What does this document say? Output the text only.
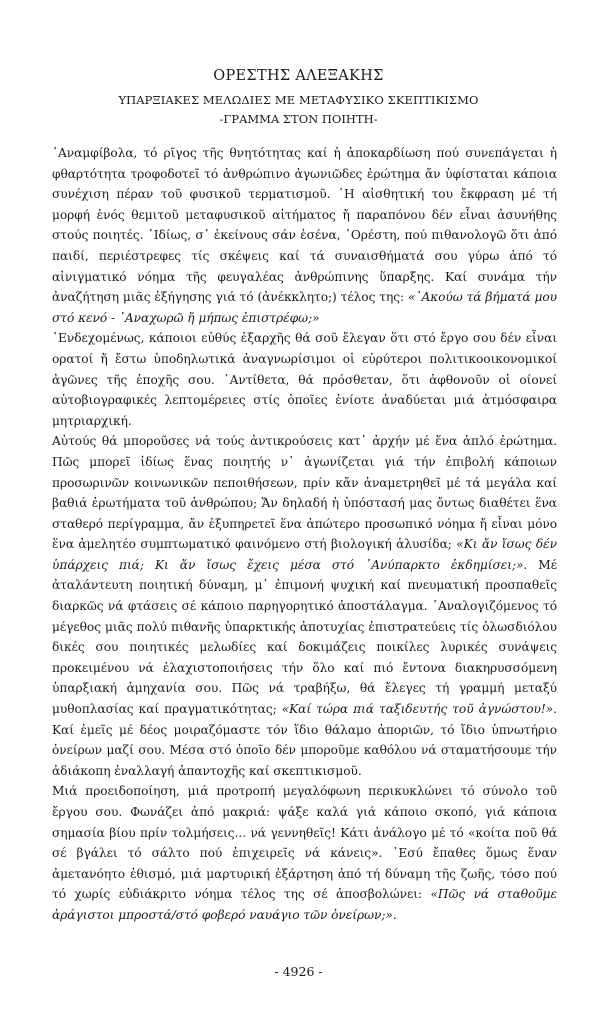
ΟΡΕΣΤΗΣ ΑΛΕΞΑΚΗΣ
ΥΠΑΡΞΙΑΚΕΣ ΜΕΛΩΔΙΕΣ ΜΕ ΜΕΤΑΦΥΣΙΚΟ ΣΚΕΠΤΙΚΙΣΜΟ
-ΓΡΑΜΜΑ ΣΤΟΝ ΠΟΙΗΤΗ-

᾿Αναμφίβολα, τό ρῖγος τῆς θνητότητας καί ἡ ἀποκαρδίωση πού συνεπάγεται ἡ φθαρτότητα τροφοδοτεῖ τό ἀνθρώπινο ἀγωνιῶδες ἐρώτημα ἄν ὑφίσταται κάποια συνέχιση πέραν τοῦ φυσικοῦ τερματισμοῦ. ᾿Η αἰσθητική του ἔκφραση μέ τή μορφή ἑνός θεμιτοῦ μεταφυσικοῦ αἰτήματος ἤ παραπόνου δέν εἶναι ἀσυνήθης στούς ποιητές. ᾿Ιδίως, σ᾿ ἐκείνους σάν ἐσένα, ᾿Ορέστη, πού πιθανολογῶ ὅτι ἀπό παιδί, περιέστρεφες τίς σκέψεις καί τά συναισθήματά σου γύρω ἀπό τό αἰνιγματικό νόημα τῆς φευγαλέας ἀνθρώπινης ὕπαρξης. Καί συνάμα τήν ἀναζήτηση μιᾶς ἐξήγησης γιά τό (ἀνέκκλητο;) τέλος της: «᾿Ακούω τά βήματά μου στό κενό - ᾿Αναχωρῶ ἤ μήπως ἐπιστρέφω;»

᾿Ενδεχομένως, κάποιοι εὐθύς ἐξαρχῆς θά σοῦ ἔλεγαν ὅτι στό ἔργο σου δέν εἶναι ορατοί ἤ ἔστω ὑποδηλωτικά ἀναγνωρίσιμοι οἱ εὐρύτεροι πολιτικοοικονομικοί ἀγῶνες τῆς ἐποχῆς σου. ᾿Αντίθετα, θά πρόσθεταν, ὅτι ἀφθονοῦν οἱ οίονεί αὐτοβιογραφικές λεπτομέρειες στίς ὁποῖες ἐνίοτε ἀναδύεται μιά ἀτμόσφαιρα μητριαρχική.

Αὐτούς θά μποροῦσες νά τούς ἀντικρούσεις κατ᾿ ἀρχήν μέ ἕνα ἁπλό ἐρώτημα. Πῶς μπορεῖ ἰδίως ἕνας ποιητής ν᾿ ἀγωνίζεται γιά τήν ἐπιβολή κάποιων προσωρινῶν κοινωνικῶν πεποιθήσεων, πρίν κἄν ἀναμετρηθεῖ μέ τά μεγάλα καί βαθιά ἐρωτήματα τοῦ ἀνθρώπου; Ἄν δηλαδή ἡ ὑπόστασή μας ὄντως διαθέτει ἕνα σταθερό περίγραμμα, ἄν ἐξυπηρετεῖ ἕνα ἀπώτερο προσωπικό νόημα ἤ εἶναι μόνο ἕνα ἀμελητέο συμπτωματικό φαινόμενο στή βιολογική ἁλυσίδα; «Κι ἄν ἴσως δέν ὑπάρχεις πιά; Κι ἄν ἴσως ἔχεις μέσα στό ᾿Ανύπαρκτο ἐκδημίσει;». Μέ ἀταλάντευτη ποιητική δύναμη, μ᾿ ἐπιμονή ψυχική καί πνευματική προσπαθεῖς διαρκῶς νά φτάσεις σέ κάποιο παρηγορητικό ἀποστάλαγμα. ᾿Αναλογιζόμενος τό μέγεθος μιᾶς πολύ πιθανῆς ὑπαρκτικής ἀποτυχίας ἐπιστρατεύεις τίς ὁλωσδιόλου δικές σου ποιητικές μελωδίες καί δοκιμάζεις ποικίλες λυρικές συνάψεις προκειμένου νά ἐλαχιστοποιήσεις τήν ὅλο καί πιό ἔντονα διακηρυσσόμενη ὑπαρξιακή ἀμηχανία σου. Πῶς νά τραβήξω, θά ἔλεγες τή γραμμή μεταξύ μυθοπλασίας καί πραγματικότητας; «Καί τώρα πιά ταξιδευτής τοῦ ἀγνώστου!». Καί ἐμεῖς μέ δέος μοιραζόμαστε τόν ἴδιο θάλαμο ἀποριῶν, τό ἴδιο ὑπνωτήριο ὀνείρων μαζί σου. Μέσα στό ὁποῖο δέν μποροῦμε καθόλου νά σταματήσουμε τήν ἀδιάκοπη ἐναλλαγή ἀπαντοχῆς καί σκεπτικισμοῦ.

Μιά προειδοποίηση, μιά προτροπή μεγαλόφωνη περικυκλώνει τό σύνολο τοῦ ἔργου σου. Φωνάζει ἀπό μακριά: ψάξε καλά γιά κάποιο σκοπό, γιά κάποια σημασία βίου πρίν τολμήσεις... νά γεννηθεῖς! Κάτι ἀνάλογο μέ τό «κοίτα ποῦ θά σέ βγάλει τό σάλτο πού ἐπιχειρεῖς νά κάνεις». ᾿Εσύ ἔπαθες ὅμως ἕναν ἀμετανόητο ἐθισμό, μιά μαρτυρική ἐξάρτηση ἀπό τή δύναμη τῆς ζωῆς, τόσο πού τό χωρίς εὐδιάκριτο νόημα τέλος της σέ ἀποσβολώνει: «Πῶς νά σταθοῦμε ἀράγιστοι μπροστά/στό φοβερό ναυάγιο τῶν ὀνείρων;».

- 4926 -
